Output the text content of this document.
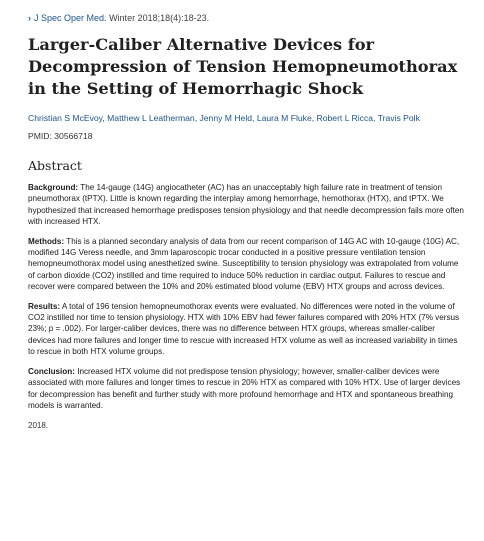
› J Spec Oper Med. Winter 2018;18(4):18-23.
Larger-Caliber Alternative Devices for Decompression of Tension Hemopneumothorax in the Setting of Hemorrhagic Shock
Christian S McEvoy, Matthew L Leatherman, Jenny M Held, Laura M Fluke, Robert L Ricca, Travis Polk
PMID: 30566718
Abstract

Background: The 14-gauge (14G) angiocatheter (AC) has an unacceptably high failure rate in treatment of tension pneumothorax (tPTX). Little is known regarding the interplay among hemorrhage, hemothorax (HTX), and tPTX. We hypothesized that increased hemorrhage predisposes tension physiology and that needle decompression fails more often with increased HTX.

Methods: This is a planned secondary analysis of data from our recent comparison of 14G AC with 10-gauge (10G) AC, modified 14G Veress needle, and 3mm laparoscopic trocar conducted in a positive pressure ventilation tension hemopneumothorax model using anesthetized swine. Susceptibility to tension physiology was extrapolated from volume of carbon dioxide (CO2) instilled and time required to induce 50% reduction in cardiac output. Failures to rescue and recover were compared between the 10% and 20% estimated blood volume (EBV) HTX groups and across devices.

Results: A total of 196 tension hemopneumothorax events were evaluated. No differences were noted in the volume of CO2 instilled nor time to tension physiology. HTX with 10% EBV had fewer failures compared with 20% HTX (7% versus 23%; p = .002). For larger-caliber devices, there was no difference between HTX groups, whereas smaller-caliber devices had more failures and longer time to rescue with increased HTX volume as well as increased variability in times to rescue in both HTX volume groups.

Conclusion: Increased HTX volume did not predispose tension physiology; however, smaller-caliber devices were associated with more failures and longer times to rescue in 20% HTX as compared with 10% HTX. Use of larger devices for decompression has benefit and further study with more profound hemorrhage and HTX and spontaneous breathing models is warranted.

2018.
